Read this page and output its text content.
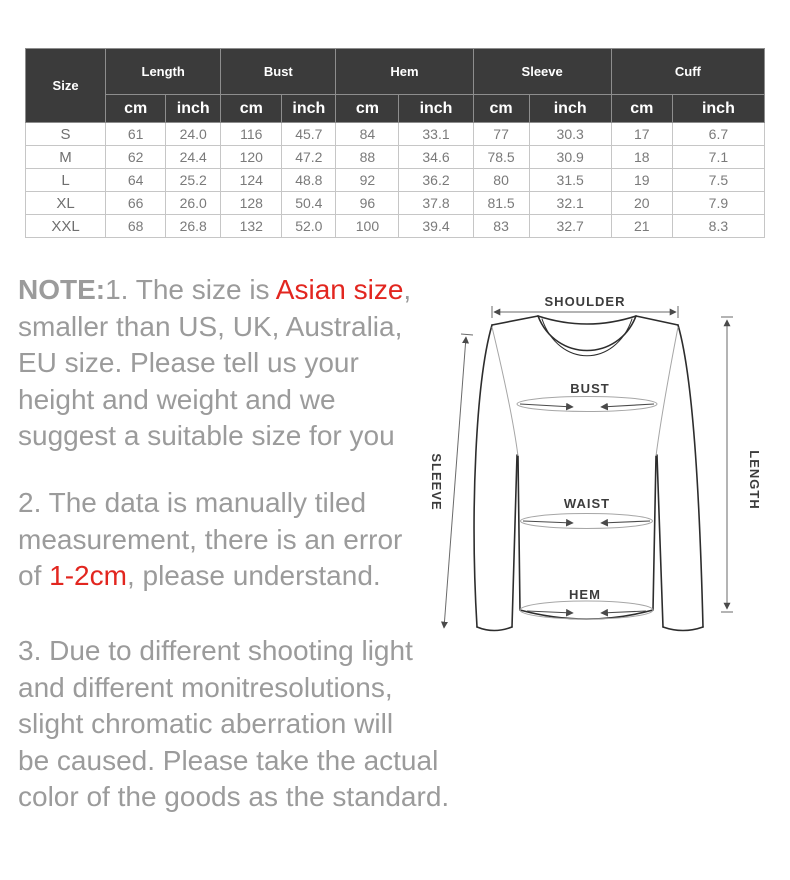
Size	Length		Bust		Hem		Sleeve		Cuff	
	cm	inch	cm	inch	cm	inch	cm	inch	cm	inch
S	61	24.0	116	45.7	84	33.1	77	30.3	17	6.7
M	62	24.4	120	47.2	88	34.6	78.5	30.9	18	7.1
L	64	25.2	124	48.8	92	36.2	80	31.5	19	7.5
XL	66	26.0	128	50.4	96	37.8	81.5	32.1	20	7.9
XXL	68	26.8	132	52.0	100	39.4	83	32.7	21	8.3
NOTE:1. The size is Asian size,
smaller than US, UK, Australia,
EU size. Please tell us your
height and weight and we
suggest a suitable size for you
2. The data is manually tiled
measurement, there is an error
of 1-2cm, please understand.
3. Due to different shooting light
and different monitresolutions,
slight chromatic aberration will
be caused. Please take the actual
color of the goods as the standard.
SHOULDER
BUST
WAIST
HEM
SLEEVE	LENGTH
